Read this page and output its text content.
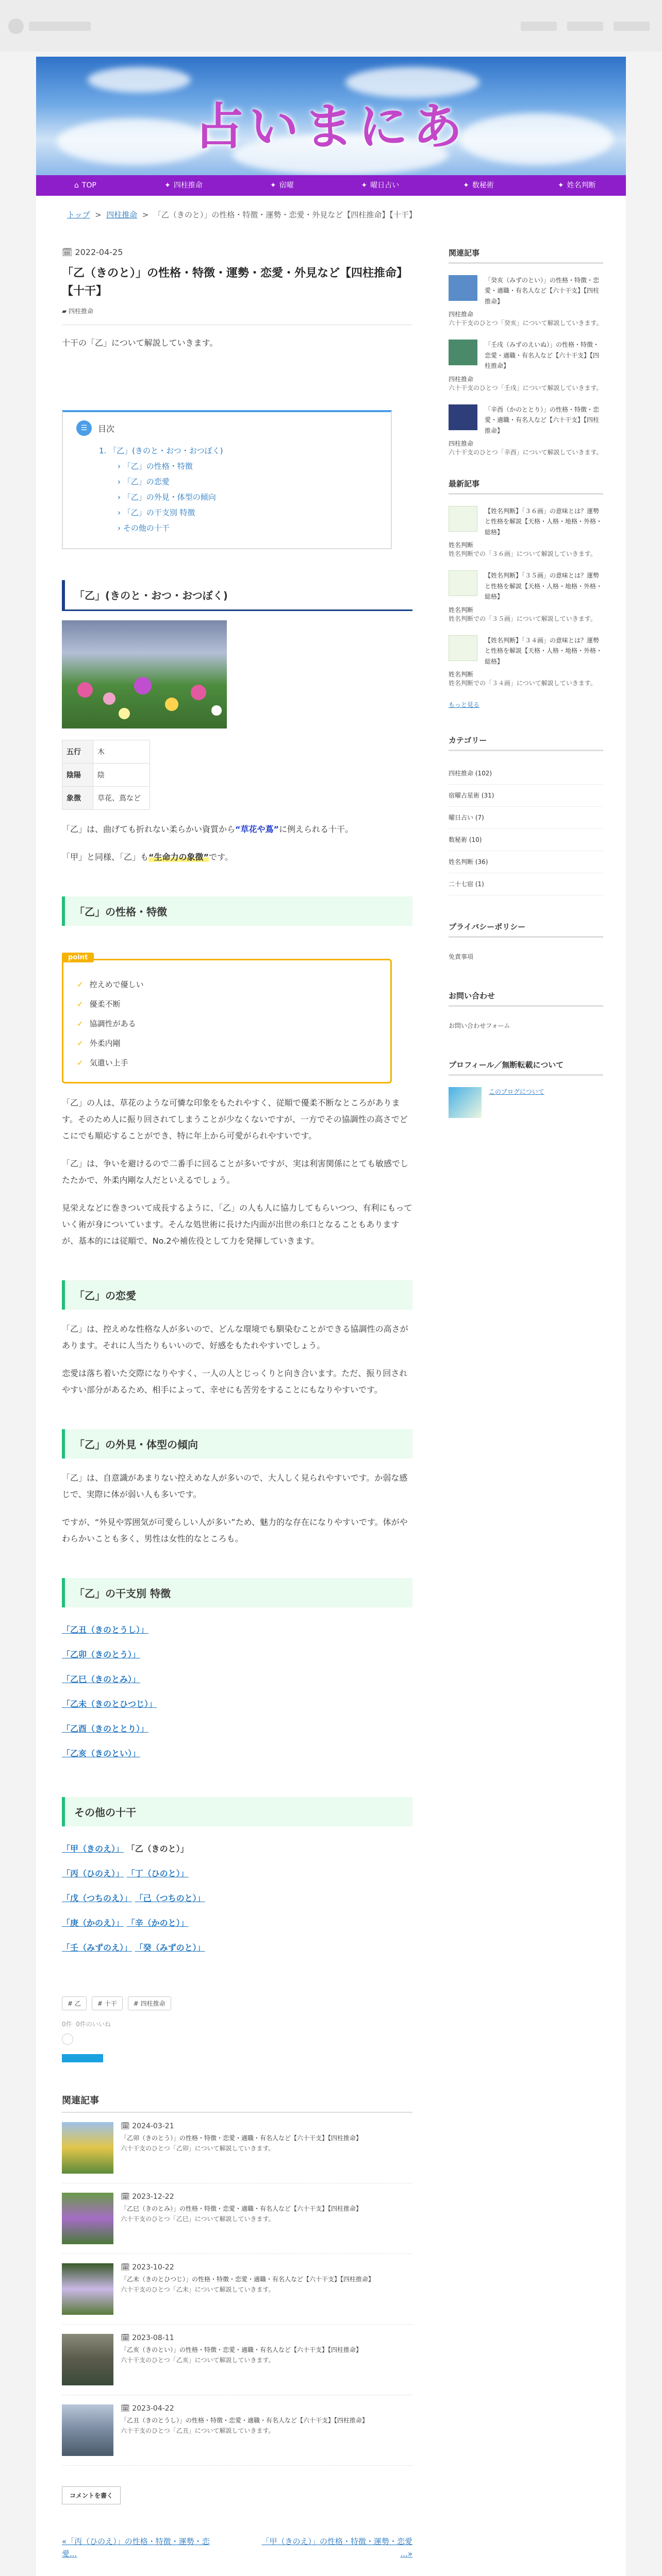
占いまにあ
⌂ TOP	✦ 四柱推命	✦ 宿曜	✦ 曜日占い	✦ 数秘術	✦ 姓名判断
トップ  >  四柱推命  >  「乙（きのと）」の性格・特徴・運勢・恋愛・外見など【四柱推命】【十干】
🗓 2022-04-25
「乙（きのと）」の性格・特徴・運勢・恋愛・外見など【四柱推命】【十干】
▰ 四柱推命
十干の「乙」について解説していきます。
☰	目次
1. 「乙」(きのと・おつ・おつぼく)
› 「乙」の性格・特徴
› 「乙」の恋愛
› 「乙」の外見・体型の傾向
› 「乙」の干支別 特徴
› その他の十干
「乙」(きのと・おつ・おつぼく)
五行	木
陰陽	陰
象徴	草花、蔦など
「乙」は、曲げても折れない柔らかい資質から“草花や蔦”に例えられる十干。
「甲」と同様、「乙」も“生命力の象徴”です。
「乙」の性格・特徴
point
✓ 控えめで優しい
✓ 優柔不断
✓ 協調性がある
✓ 外柔内剛
✓ 気遣い上手
「乙」の人は、草花のような可憐な印象をもたれやすく、従順で優柔不断なところがあります。そのため人に振り回されてしまうことが少なくないですが、一方でその協調性の高さでどこにでも順応することができ、特に年上から可愛がられやすいです。
「乙」は、争いを避けるので二番手に回ることが多いですが、実は利害関係にとても敏感でしたたかで、外柔内剛な人だといえるでしょう。
見栄えなどに巻きついて成長するように、「乙」の人も人に協力してもらいつつ、有利にもっていく術が身についています。そんな処世術に長けた内面が出世の糸口となることもありますが、基本的には従順で、No.2や補佐役として力を発揮していきます。
「乙」の恋愛
「乙」は、控えめな性格な人が多いので、どんな環境でも馴染むことができる協調性の高さがあります。それに人当たりもいいので、好感をもたれやすいでしょう。
恋愛は落ち着いた交際になりやすく、一人の人とじっくりと向き合います。ただ、振り回されやすい部分があるため、相手によって、幸せにも苦労をすることにもなりやすいです。
「乙」の外見・体型の傾向
「乙」は、自意識があまりない控えめな人が多いので、大人しく見られやすいです。か弱な感じで、実際に体が弱い人も多いです。
ですが、“外見や雰囲気が可愛らしい人が多い”ため、魅力的な存在になりやすいです。体がやわらかいことも多く、男性は女性的なところも。
「乙」の干支別 特徴
「乙丑（きのとうし）」
「乙卯（きのとう）」
「乙巳（きのとみ）」
「乙未（きのとひつじ）」
「乙酉（きのととり）」
「乙亥（きのとい）」
その他の十干
「甲（きのえ）」 「乙（きのと）」
「丙（ひのえ）」 「丁（ひのと）」
「戊（つちのえ）」 「己（つちのと）」
「庚（かのえ）」 「辛（かのと）」
「壬（みずのえ）」 「癸（みずのと）」
# 乙	# 十干	# 四柱推命
0件 0件のいいね
関連記事
🗓 2024-03-21
「乙卯（きのとう）」の性格・特徴・恋愛・適職・有名人など【六十干支】【四柱推命】
六十干支のひとつ「乙卯」について解説していきます。
🗓 2023-12-22
「乙巳（きのとみ）」の性格・特徴・恋愛・適職・有名人など【六十干支】【四柱推命】
六十干支のひとつ「乙巳」について解説していきます。
🗓 2023-10-22
「乙未（きのとひつじ）」の性格・特徴・恋愛・適職・有名人など【六十干支】【四柱推命】
六十干支のひとつ「乙未」について解説していきます。
🗓 2023-08-11
「乙亥（きのとい）」の性格・特徴・恋愛・適職・有名人など【六十干支】【四柱推命】
六十干支のひとつ「乙亥」について解説していきます。
🗓 2023-04-22
「乙丑（きのとうし）」の性格・特徴・恋愛・適職・有名人など【六十干支】【四柱推命】
六十干支のひとつ「乙丑」について解説していきます。
コメントを書く
«「丙（ひのえ）」の性格・特徴・運勢・恋愛...
「甲（きのえ）」の性格・特徴・運勢・恋愛 ...»
関連記事
「癸亥（みずのとい）」の性格・特徴・恋愛・適職・有名人など【六十干支】【四柱推命】
四柱推命
六十干支のひとつ「癸亥」について解説していきます。
「壬戌（みずのえいぬ）」の性格・特徴・恋愛・適職・有名人など【六十干支】【四柱推命】
四柱推命
六十干支のひとつ「壬戌」について解説していきます。
「辛酉（かのととり）」の性格・特徴・恋愛・適職・有名人など【六十干支】【四柱推命】
四柱推命
六十干支のひとつ「辛酉」について解説していきます。
最新記事
【姓名判断】「３６画」の意味とは？運勢と性格を解説【天格・人格・地格・外格・総格】
姓名判断
姓名判断での「３６画」について解説していきます。
【姓名判断】「３５画」の意味とは？運勢と性格を解説【天格・人格・地格・外格・総格】
姓名判断
姓名判断での「３５画」について解説していきます。
【姓名判断】「３４画」の意味とは？運勢と性格を解説【天格・人格・地格・外格・総格】
姓名判断
姓名判断での「３４画」について解説していきます。
もっと見る
カテゴリー
四柱推命 (102)
宿曜占星術 (31)
曜日占い (7)
数秘術 (10)
姓名判断 (36)
二十七宿 (1)
プライバシーポリシー
免責事項
お問い合わせ
お問い合わせフォーム
プロフィール／無断転載について
このブログについて
